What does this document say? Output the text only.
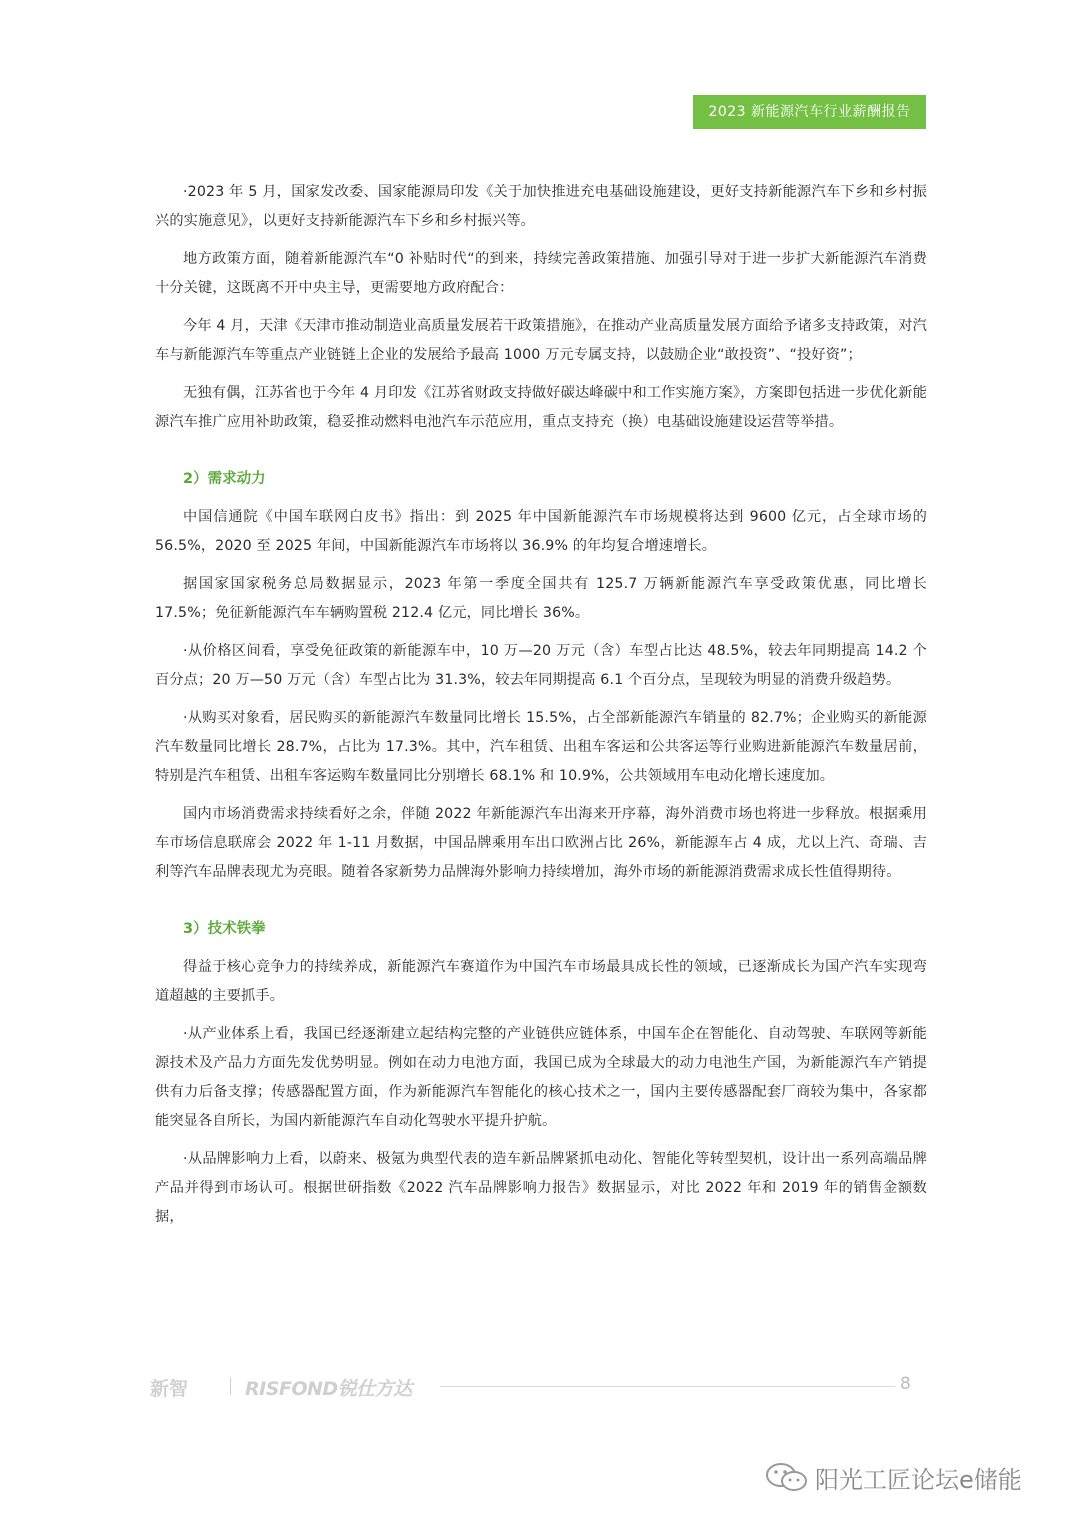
2023 新能源汽车行业薪酬报告

·2023 年 5 月，国家发改委、国家能源局印发《关于加快推进充电基础设施建设，更好支持新能源汽车下乡和乡村振兴的实施意见》，以更好支持新能源汽车下乡和乡村振兴等。

地方政策方面，随着新能源汽车“0 补贴时代“的到来，持续完善政策措施、加强引导对于进一步扩大新能源汽车消费十分关键，这既离不开中央主导，更需要地方政府配合：

今年 4 月，天津《天津市推动制造业高质量发展若干政策措施》，在推动产业高质量发展方面给予诸多支持政策，对汽车与新能源汽车等重点产业链链上企业的发展给予最高 1000 万元专属支持，以鼓励企业“敢投资”、“投好资”；

无独有偶，江苏省也于今年 4 月印发《江苏省财政支持做好碳达峰碳中和工作实施方案》，方案即包括进一步优化新能源汽车推广应用补助政策，稳妥推动燃料电池汽车示范应用，重点支持充（换）电基础设施建设运营等举措。

2）需求动力

中国信通院《中国车联网白皮书》指出：到 2025 年中国新能源汽车市场规模将达到 9600 亿元，占全球市场的 56.5%，2020 至 2025 年间，中国新能源汽车市场将以 36.9% 的年均复合增速增长。

据国家国家税务总局数据显示，2023 年第一季度全国共有 125.7 万辆新能源汽车享受政策优惠，同比增长 17.5%；免征新能源汽车车辆购置税 212.4 亿元，同比增长 36%。

·从价格区间看，享受免征政策的新能源车中，10 万—20 万元（含）车型占比达 48.5%，较去年同期提高 14.2 个百分点；20 万—50 万元（含）车型占比为 31.3%，较去年同期提高 6.1 个百分点，呈现较为明显的消费升级趋势。

·从购买对象看，居民购买的新能源汽车数量同比增长 15.5%，占全部新能源汽车销量的 82.7%；企业购买的新能源汽车数量同比增长 28.7%，占比为 17.3%。其中，汽车租赁、出租车客运和公共客运等行业购进新能源汽车数量居前，特别是汽车租赁、出租车客运购车数量同比分别增长 68.1% 和 10.9%，公共领域用车电动化增长速度加。

国内市场消费需求持续看好之余，伴随 2022 年新能源汽车出海来开序幕，海外消费市场也将进一步释放。根据乘用车市场信息联席会 2022 年 1-11 月数据，中国品牌乘用车出口欧洲占比 26%，新能源车占 4 成，尤以上汽、奇瑞、吉利等汽车品牌表现尤为亮眼。随着各家新势力品牌海外影响力持续增加，海外市场的新能源消费需求成长性值得期待。

3）技术铁拳

得益于核心竞争力的持续养成，新能源汽车赛道作为中国汽车市场最具成长性的领域，已逐渐成长为国产汽车实现弯道超越的主要抓手。

·从产业体系上看，我国已经逐渐建立起结构完整的产业链供应链体系，中国车企在智能化、自动驾驶、车联网等新能源技术及产品力方面先发优势明显。例如在动力电池方面，我国已成为全球最大的动力电池生产国，为新能源汽车产销提供有力后备支撑；传感器配置方面，作为新能源汽车智能化的核心技术之一，国内主要传感器配套厂商较为集中，各家都能突显各自所长，为国内新能源汽车自动化驾驶水平提升护航。

·从品牌影响力上看，以蔚来、极氪为典型代表的造车新品牌紧抓电动化、智能化等转型契机，设计出一系列高端品牌产品并得到市场认可。根据世研指数《2022 汽车品牌影响力报告》数据显示，对比 2022 年和 2019 年的销售金额数据，

新智	RISFOND锐仕方达	8
阳光工匠论坛e储能
